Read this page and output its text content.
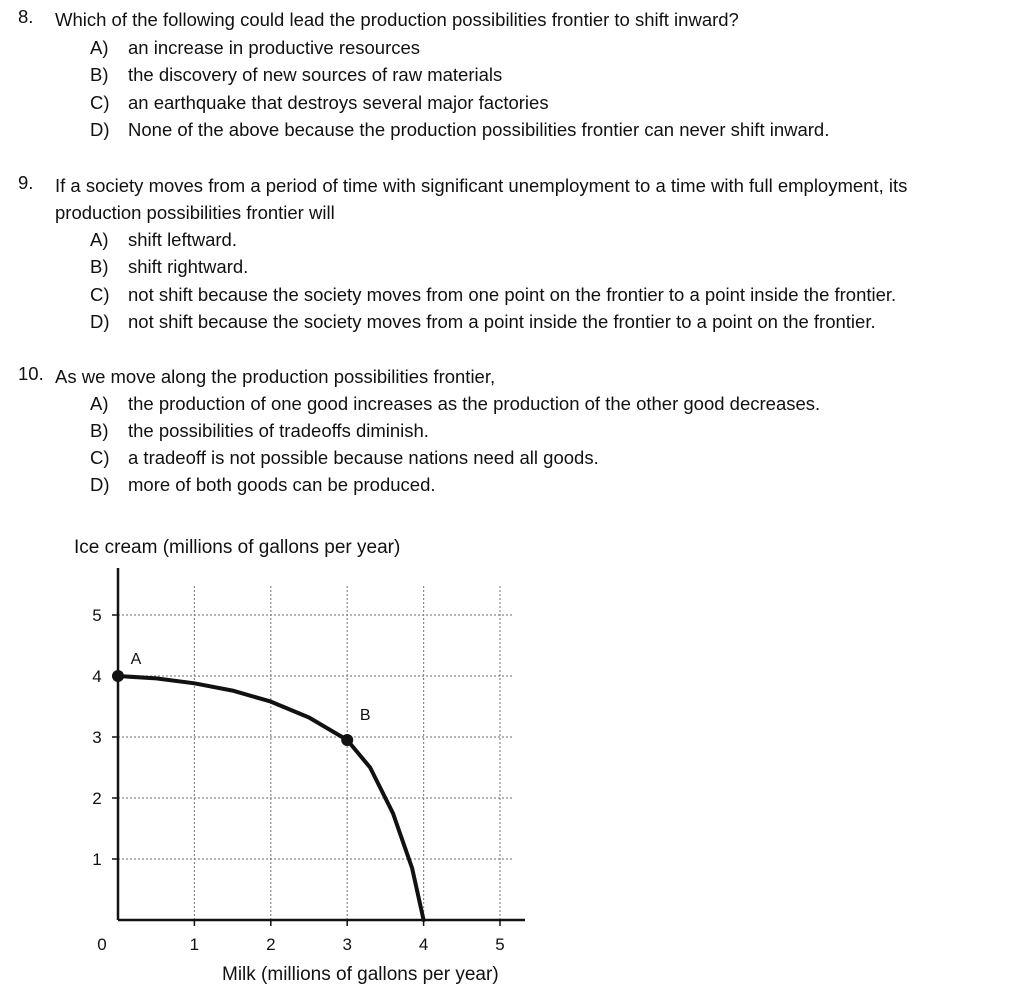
8. Which of the following could lead the production possibilities frontier to shift inward?
A) an increase in productive resources
B) the discovery of new sources of raw materials
C) an earthquake that destroys several major factories
D) None of the above because the production possibilities frontier can never shift inward.
9. If a society moves from a period of time with significant unemployment to a time with full employment, its production possibilities frontier will
A) shift leftward.
B) shift rightward.
C) not shift because the society moves from one point on the frontier to a point inside the frontier.
D) not shift because the society moves from a point inside the frontier to a point on the frontier.
10. As we move along the production possibilities frontier,
A) the production of one good increases as the production of the other good decreases.
B) the possibilities of tradeoffs diminish.
C) a tradeoff is not possible because nations need all goods.
D) more of both goods can be produced.
1
2
3
4
5
0	1	2	3	4	5
Ice cream (millions of gallons per year)
Milk (millions of gallons per year)
A
B
